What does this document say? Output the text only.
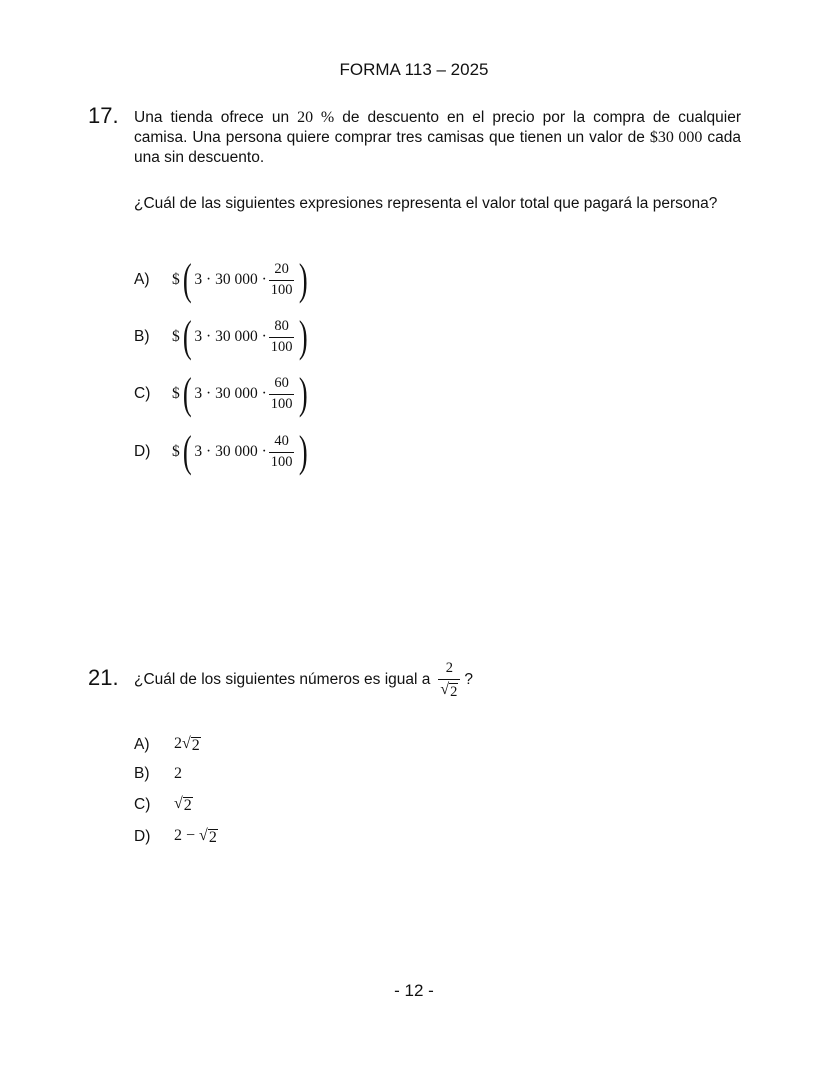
FORMA 113 – 2025
17. Una tienda ofrece un 20 % de descuento en el precio por la compra de cualquier camisa. Una persona quiere comprar tres camisas que tienen un valor de $30 000 cada una sin descuento.
¿Cuál de las siguientes expresiones representa el valor total que pagará la persona?
A) $ ( 3 · 30 $000 \cdot \frac{20}{100}$ )
B) $ ( 3 · 30 $000 \cdot \frac{80}{100}$ )
C) $ ( 3 · 30 $000 \cdot \frac{60}{100}$ )
D) $ ( 3 · 30 $000 \cdot \frac{40}{100}$ )
21. ¿Cuál de los siguientes números es igual a $\frac{2}{√ 2}$ ?
A)	2 √ 2
B)	2
C)	√ 2
D)	2 − √ 2
- 12 -
